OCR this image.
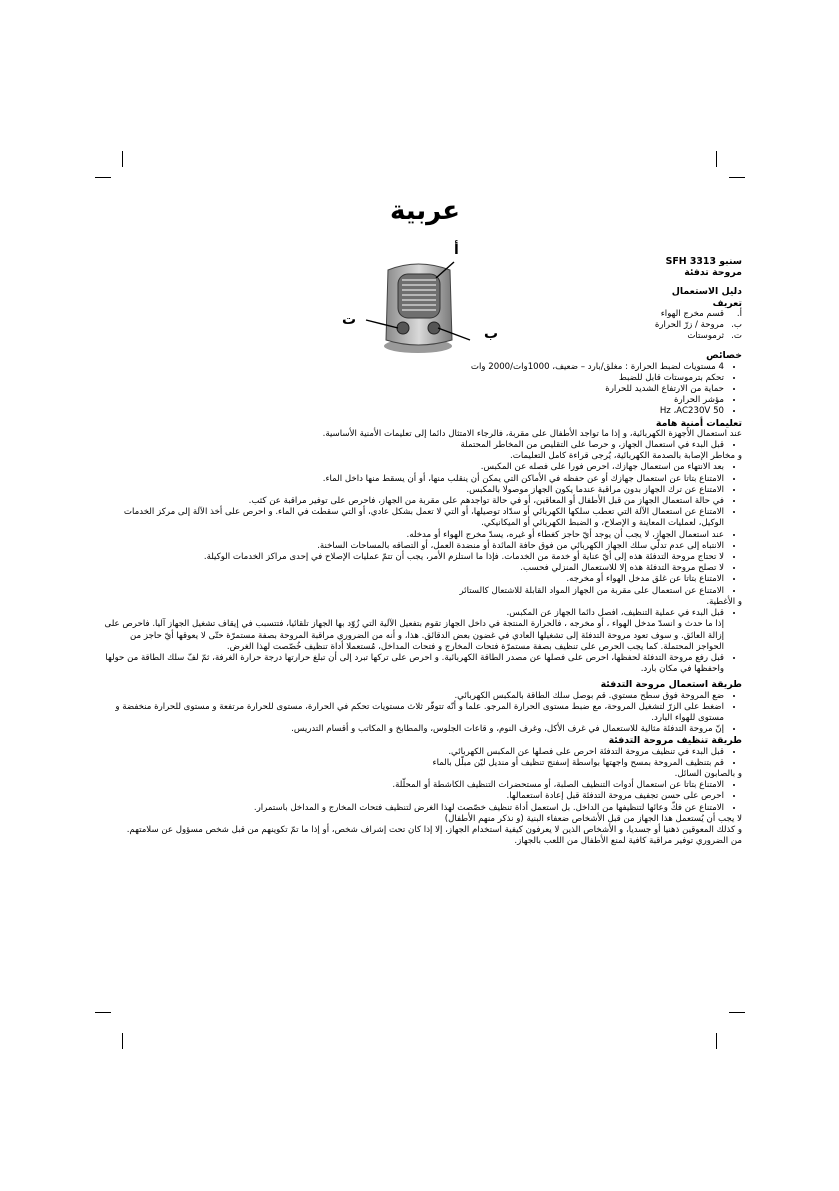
عربية
أ
ب
ت

سنبو SFH 3313

مروحة تدفئة

دليل الاستعمال

تعريف

أ.
قسم مخرج الهواء
ب.
مروحة / زرّ الحرارة
ت.
ثرموستات

خصائص

• 4 مستويات لضبط الحرارة : مغلق/بارد – ضعيف، 1000وات/2000 وات
• تحكم بترموستات قابل للضبط
• حماية من الارتفاع الشديد للحرارة
• مؤشر الحرارة
• 50 Hz ،AC230V

تعليمات أمنية هامة

عند استعمال الأجهزة الكهربائية، و إذا ما تواجد الأطفال على مقربة، فالرجاء الامتثال دائما إلى تعليمات الأمنية الأساسية.

• قبل البدء في استعمال الجهاز، و حرصا على التقليص من المخاطر المحتملة

و مخاطر الإصابة بالصدمة الكهربائية، يُرجى قراءة كامل التعليمات.

• بعد الانتهاء من استعمال جهازك، احرص فورا على فصله عن المكبس.
• الامتناع بتاتا عن استعمال جهازك أو عن حفظه في الأماكن التي يمكن أن ينقلب منها، أو أن يسقط منها داخل الماء.
• الامتناع عن ترك الجهاز بدون مراقبة عندما يكون الجهاز موصولا بالمكبس.
• في حالة استعمال الجهاز من قبل الأطفال أو المعاقين، أو في حالة تواجدهم على مقربة من الجهاز، فاحرص على توفير مراقبة عن كثب.
• الامتناع عن استعمال الآلة التي تعطب سلكها الكهربائي أو سدّاد توصيلها، أو التي لا تعمل بشكل عادي، أو التي سقطت في الماء. و احرص على أخذ الآلة إلى مركز الخدمات الوكيل، لعمليات المعاينة و الإصلاح، و الضبط الكهربائي أو الميكانيكي.
• عند استعمال الجهاز، لا يجب أن يوجد أيّ حاجز كغطاء أو غيره، يسدّ مخرج الهواء أو مدخله.
• الانتباه إلى عدم تدلّي سلك الجهاز الكهربائي من فوق حافة المائدة أو منضدة العمل، أو التصاقه بالمساحات الساخنة.
• لا تحتاج مروحة التدفئة هذه إلى أيّ عناية أو خدمة من الخدمات. فإذا ما استلزم الأمر، يجب أن تتمّ عمليات الإصلاح في إحدى مراكز الخدمات الوكيلة.
• لا تصلح مروحة التدفئة هذه إلا للاستعمال المنزلي فحسب.
• الامتناع بتاتا عن غلق مدخل الهواء أو مخرجه.
• الامتناع عن استعمال على مقربة من الجهاز المواد القابلة للاشتعال كالستائر

و الأغطية.

• قبل البدء في عملية التنظيف، افصل دائما الجهاز عن المكبس.

إذا ما حدث و انسدّ مدخل الهواء ، أو مخرجه ، فالحرارة المنتجة في داخل الجهاز تقوم بتفعيل الآلية التي زُوّد بها الجهاز تلقائيا، فتتسبب في إيقاف تشغيل الجهاز آليا. فاحرص على إزالة العائق. و سوف تعود مروحة التدفئة إلى تشغيلها العادي في غضون بعض الدقائق. هذا، و أنه من الضروري مراقبة المروحة بصفة مستمرّة حتّى لا يعوقها أيّ حاجز من الحواجز المحتملة. كما يجب الحرص على تنظيف بصفة مستمرّة فتحات المخارج و فتحات المداخل، مُستعملا أداة تنظيف خُصّصت لهذا الغرض.

• قبل رفع مروحة التدفئة لحفظها، احرص على فصلها عن مصدر الطاقة الكهربائية. و احرص على تركها تبرد إلى أن تبلغ حرارتها درجة حرارة الغرفة، ثمّ لفّ سلك الطاقة من حولها واحفظها في مكان بارد.

طريقة استعمال مروحة التدفئة

• ضع المروحة فوق سطح مستوي. قم بوصل سلك الطاقة بالمكبس الكهربائي.
• اضغط على الزرّ لتشغيل المروحة، مع ضبط مستوى الحرارة المرجو. علما و أنّه تتوفّر ثلاث مستويات تحكم في الحرارة، مستوى للحرارة مرتفعة و مستوى للحرارة منخفضة و مستوى للهواء البارد.
• إنّ مروحة التدفئة مثالية للاستعمال في غرف الأكل، وغرف النوم، و قاعات الجلوس، والمطابخ و المكاتب و أقسام التدريس.

طريقة تنظيف مروحة التدفئة

• قبل البدء في تنظيف مروحة التدفئة احرص على فصلها عن المكبس الكهربائي.
• قم بتنظيف المروحة بمسح واجهتها بواسطة إسفنج تنظيف أو منديل ليّن مبلّل بالماء

و بالصابون السائل.

• الامتناع بتاتا عن استعمال أدوات التنظيف الصلبة، أو مستحضرات التنظيف الكاشطة أو المحلّلة.
• احرص على حسن تجفيف مروحة التدفئة قبل إعادة استعمالها.
• الامتناع عن فكّ وعائها لتنظيفها من الداخل. بل استعمل أداة تنظيف خصّصت لهذا الغرض لتنظيف فتحات المخارج و المداخل باستمرار.

لا يجب أن يُستعمل هذا الجهاز من قبل الأشخاص ضعفاء البنية (و نذكر منهم الأطفال)

و كذلك المعوقين ذهنيا أو جسديا، و الأشخاص الذين لا يعرفون كيفية استخدام الجهاز، إلا إذا كان تحت إشراف شخص، أو إذا ما تمّ تكوينهم من قبل شخص مسؤول عن سلامتهم.

من الضروري توفير مراقبة كافية لمنع الأطفال من اللعب بالجهاز.
